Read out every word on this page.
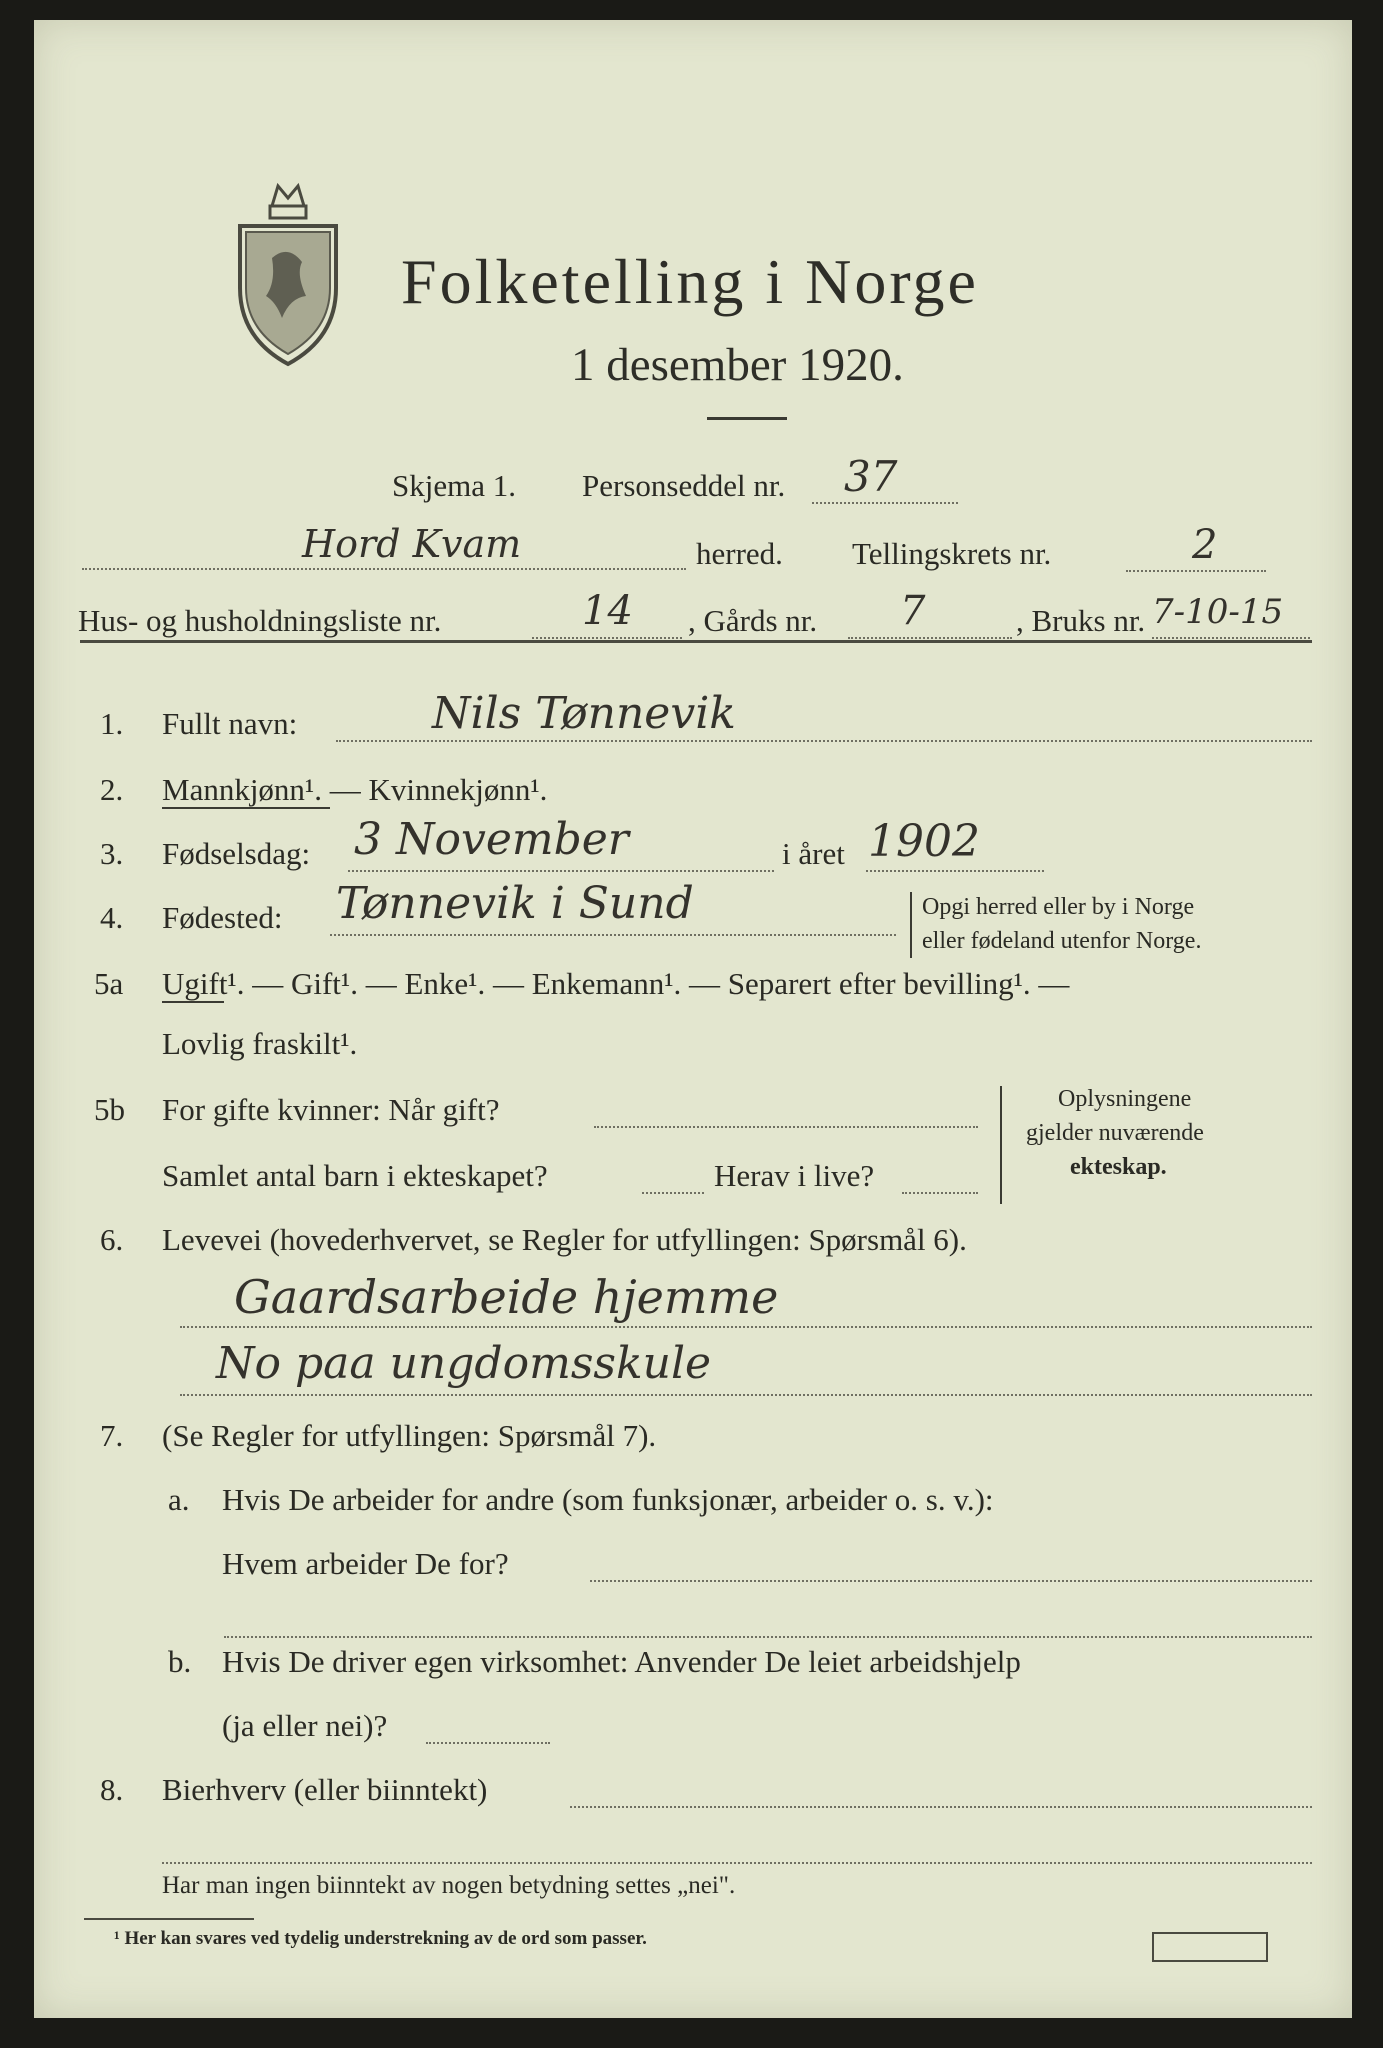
Folketelling i Norge
1 desember 1920.
Skjema 1. Personseddel nr. 37
Hord Kvam	herred. Tellingskrets nr.	2
Hus- og husholdningsliste nr.	14 , Gårds nr. 7	, Bruks nr. 7-10-15
1. Fullt navn:	Nils Tønnevik
2. Mannkjønn¹. — Kvinnekjønn¹.
3. Fødselsdag: 3 November	i året 1902
4. Fødested: Tønnevik i Sund	Opgi herred eller by i Norge
eller fødeland utenfor Norge.
5a Ugift¹. — Gift¹. — Enke¹. — Enkemann¹. — Separert efter bevilling¹. —
Lovlig fraskilt¹.
5b For gifte kvinner: Når gift?
Samlet antal barn i ekteskapet?	Herav i live?
Oplysningene
gjelder nuværende
ekteskap.
6. Levevei (hovederhvervet, se Regler for utfyllingen: Spørsmål 6).
Gaardsarbeide hjemme
No paa ungdomsskule
7. (Se Regler for utfyllingen: Spørsmål 7).
a. Hvis De arbeider for andre (som funksjonær, arbeider o. s. v.):
Hvem arbeider De for?
b. Hvis De driver egen virksomhet: Anvender De leiet arbeidshjelp
(ja eller nei)?
8. Bierhverv (eller biinntekt)
Har man ingen biinntekt av nogen betydning settes „nei".
¹ Her kan svares ved tydelig understrekning av de ord som passer.
